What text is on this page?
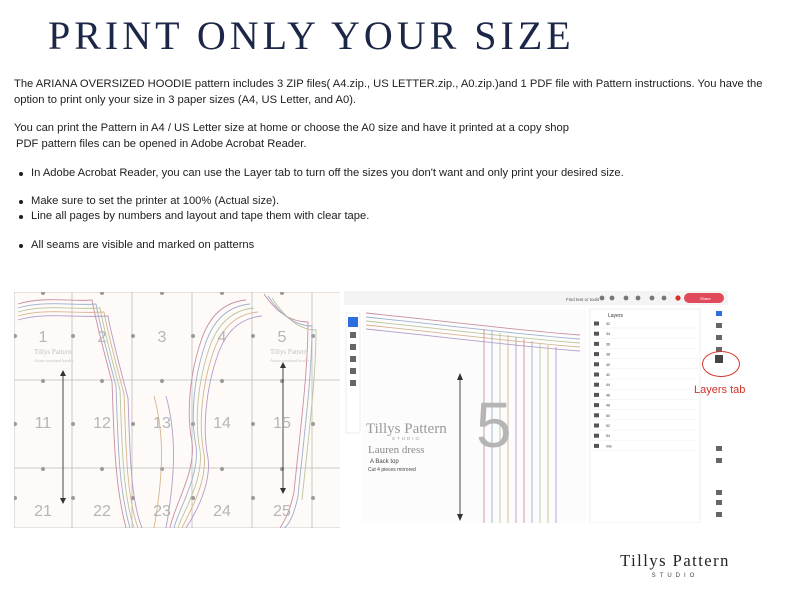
PRINT ONLY YOUR SIZE

The ARIANA OVERSIZED HOODIE pattern includes 3 ZIP files( A4.zip., US LETTER.zip., A0.zip.)and 1 PDF file with Pattern instructions. You have the option to print only your size in 3 paper sizes (A4, US Letter, and A0).

You can print the Pattern in A4 / US Letter size at home or choose the A0 size and have it printed at a copy shop
PDF pattern files can be opened in Adobe Acrobat Reader.
In Adobe Acrobat Reader, you can use the Layer tab to turn off the sizes you don't want and only print your desired size.
Make sure to set the printer at 100% (Actual size).
Line all pages by numbers and layout and tape them with clear tape.
All seams are visible and marked on patterns
1	2	3	4	5
11	12	13	14	15
21	22	23	24	25
Tillys Pattern
Ariana oversized hoodie
Tillys Pattern
Ariana oversized hoodie
Find text or tools	Share
5
Tillys Pattern
STUDIO
Lauren dress
A Back top
Cut 4 pieces mirrored
Layers
32
34
36
38
40
42
44
46
48
50
52
54
info
Layers tab
Tillys Pattern
STUDIO
